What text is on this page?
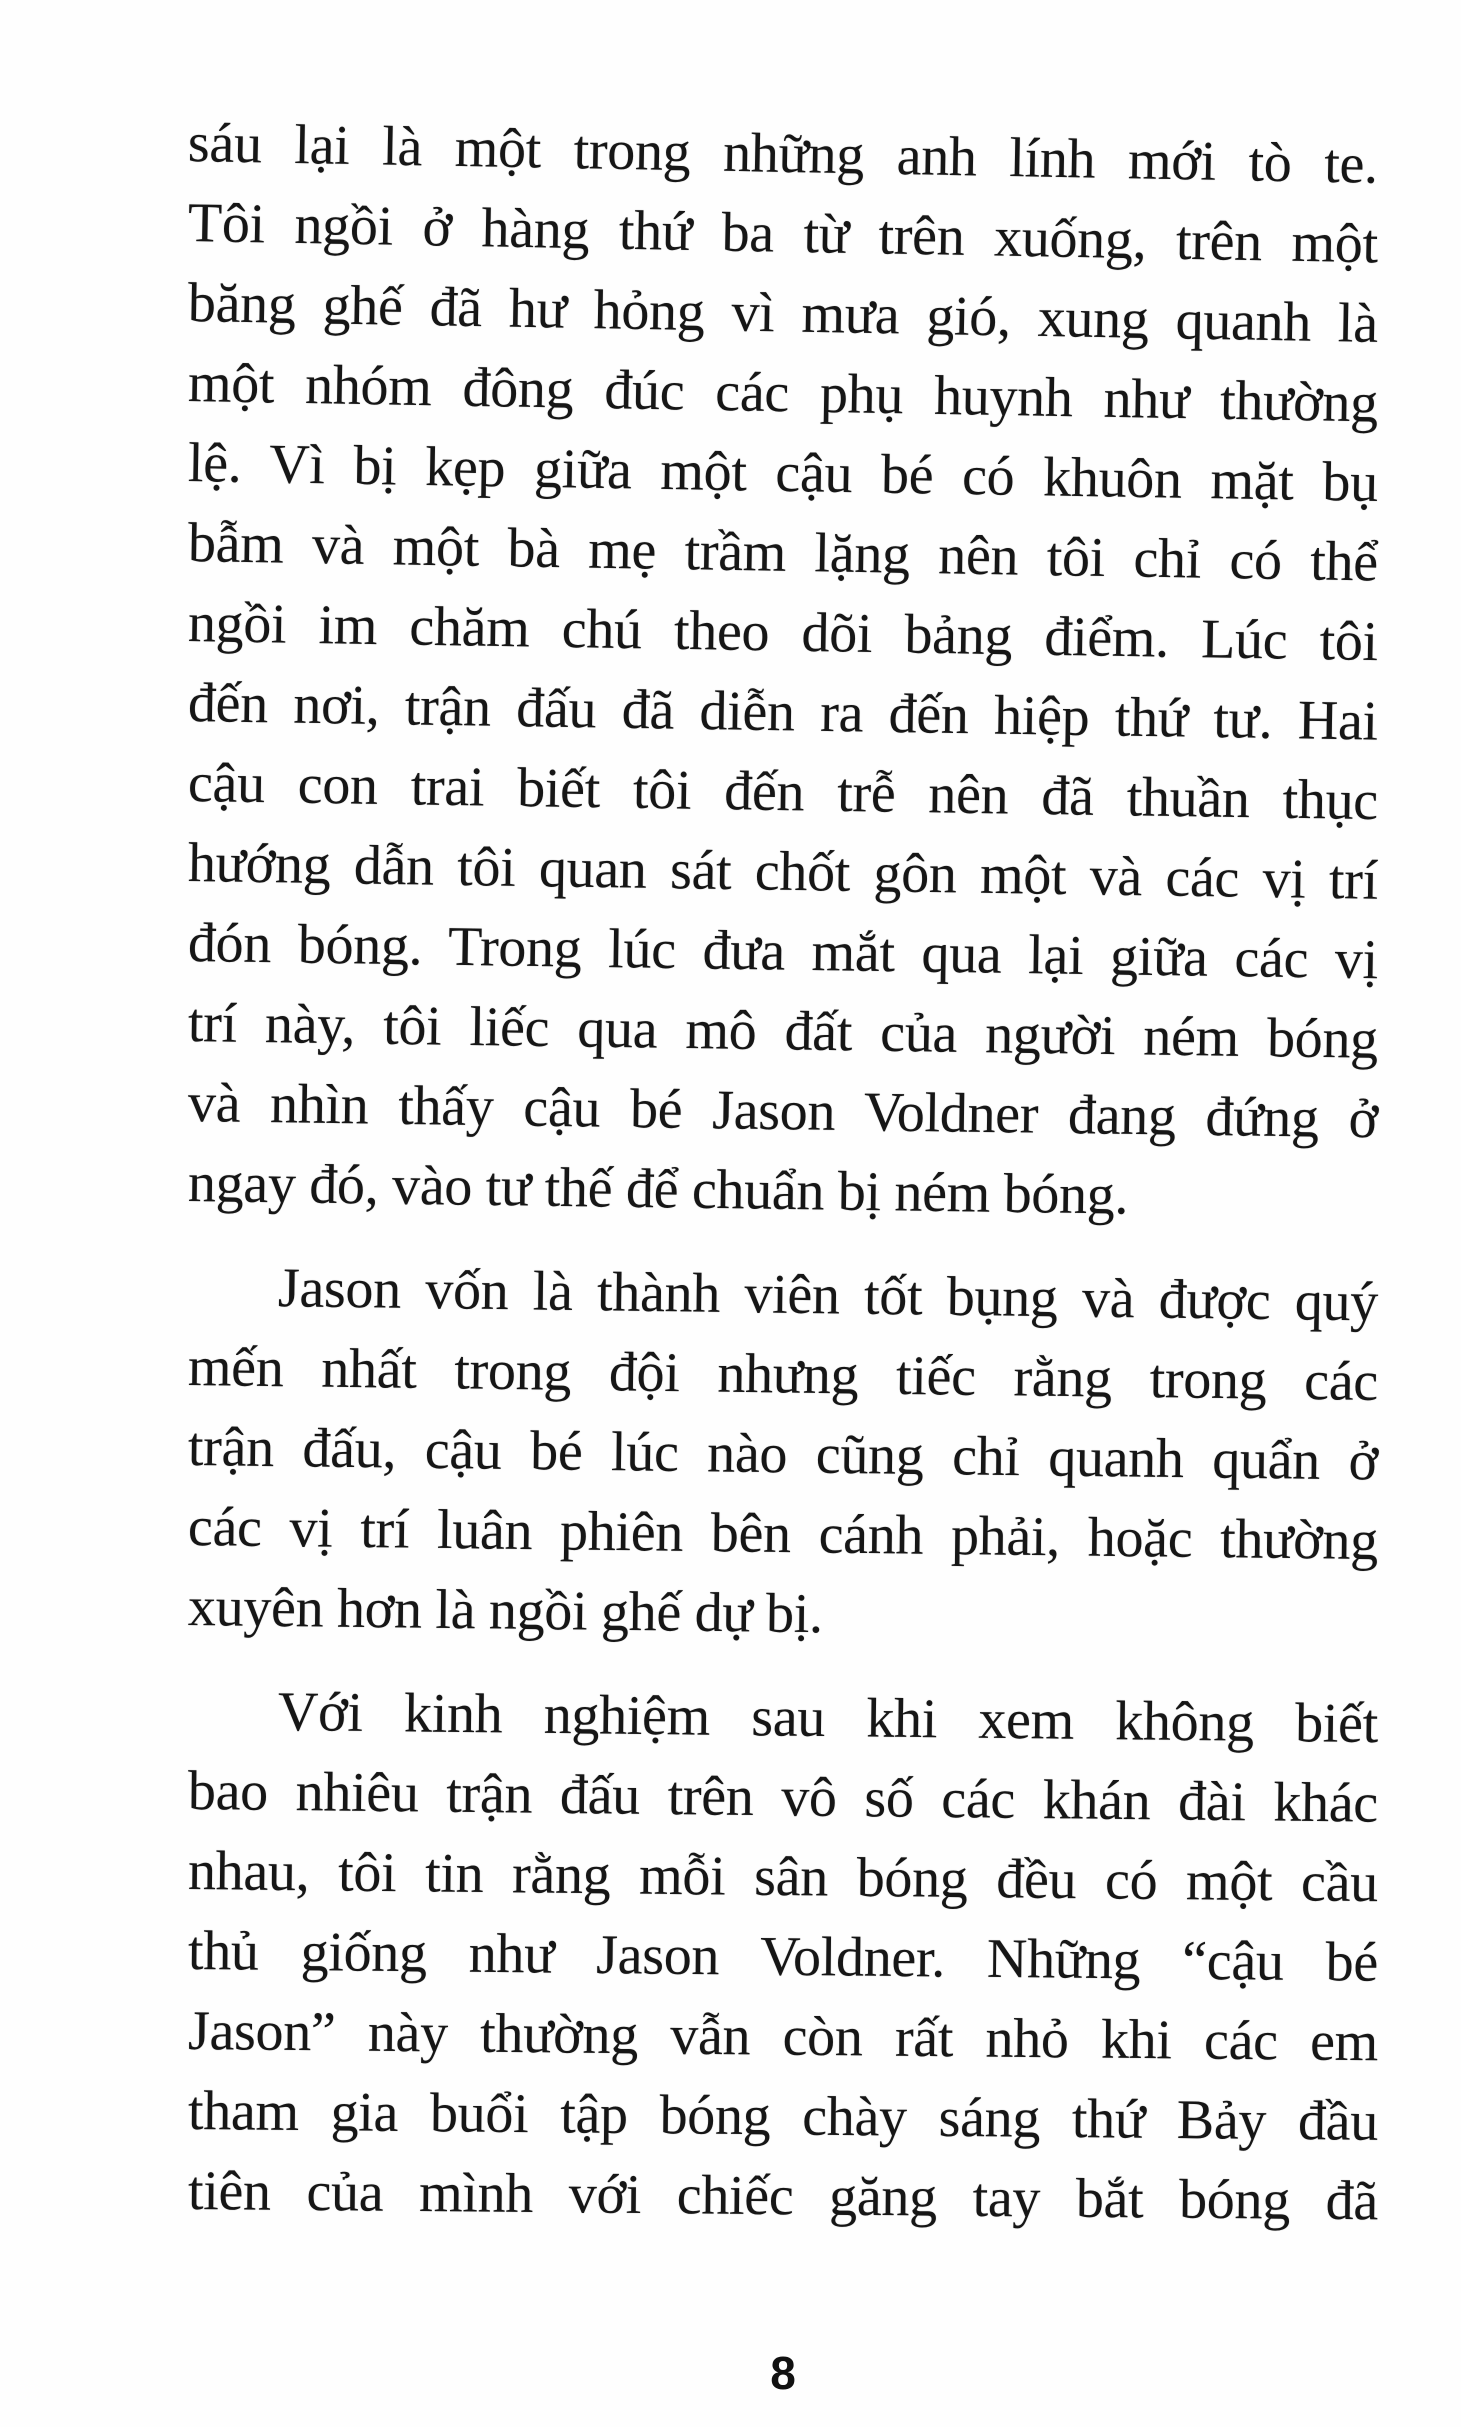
sáu lại là một trong những anh lính mới tò te.
Tôi ngồi ở hàng thứ ba từ trên xuống, trên một
băng ghế đã hư hỏng vì mưa gió, xung quanh là
một nhóm đông đúc các phụ huynh như thường
lệ. Vì bị kẹp giữa một cậu bé có khuôn mặt bụ
bẫm và một bà mẹ trầm lặng nên tôi chỉ có thể
ngồi im chăm chú theo dõi bảng điểm. Lúc tôi
đến nơi, trận đấu đã diễn ra đến hiệp thứ tư. Hai
cậu con trai biết tôi đến trễ nên đã thuần thục
hướng dẫn tôi quan sát chốt gôn một và các vị trí
đón bóng. Trong lúc đưa mắt qua lại giữa các vị
trí này, tôi liếc qua mô đất của người ném bóng
và nhìn thấy cậu bé Jason Voldner đang đứng ở
ngay đó, vào tư thế để chuẩn bị ném bóng.
Jason vốn là thành viên tốt bụng và được quý
mến nhất trong đội nhưng tiếc rằng trong các
trận đấu, cậu bé lúc nào cũng chỉ quanh quẩn ở
các vị trí luân phiên bên cánh phải, hoặc thường
xuyên hơn là ngồi ghế dự bị.
Với kinh nghiệm sau khi xem không biết
bao nhiêu trận đấu trên vô số các khán đài khác
nhau, tôi tin rằng mỗi sân bóng đều có một cầu
thủ giống như Jason Voldner. Những “cậu bé
Jason” này thường vẫn còn rất nhỏ khi các em
tham gia buổi tập bóng chày sáng thứ Bảy đầu
tiên của mình với chiếc găng tay bắt bóng đã
8
